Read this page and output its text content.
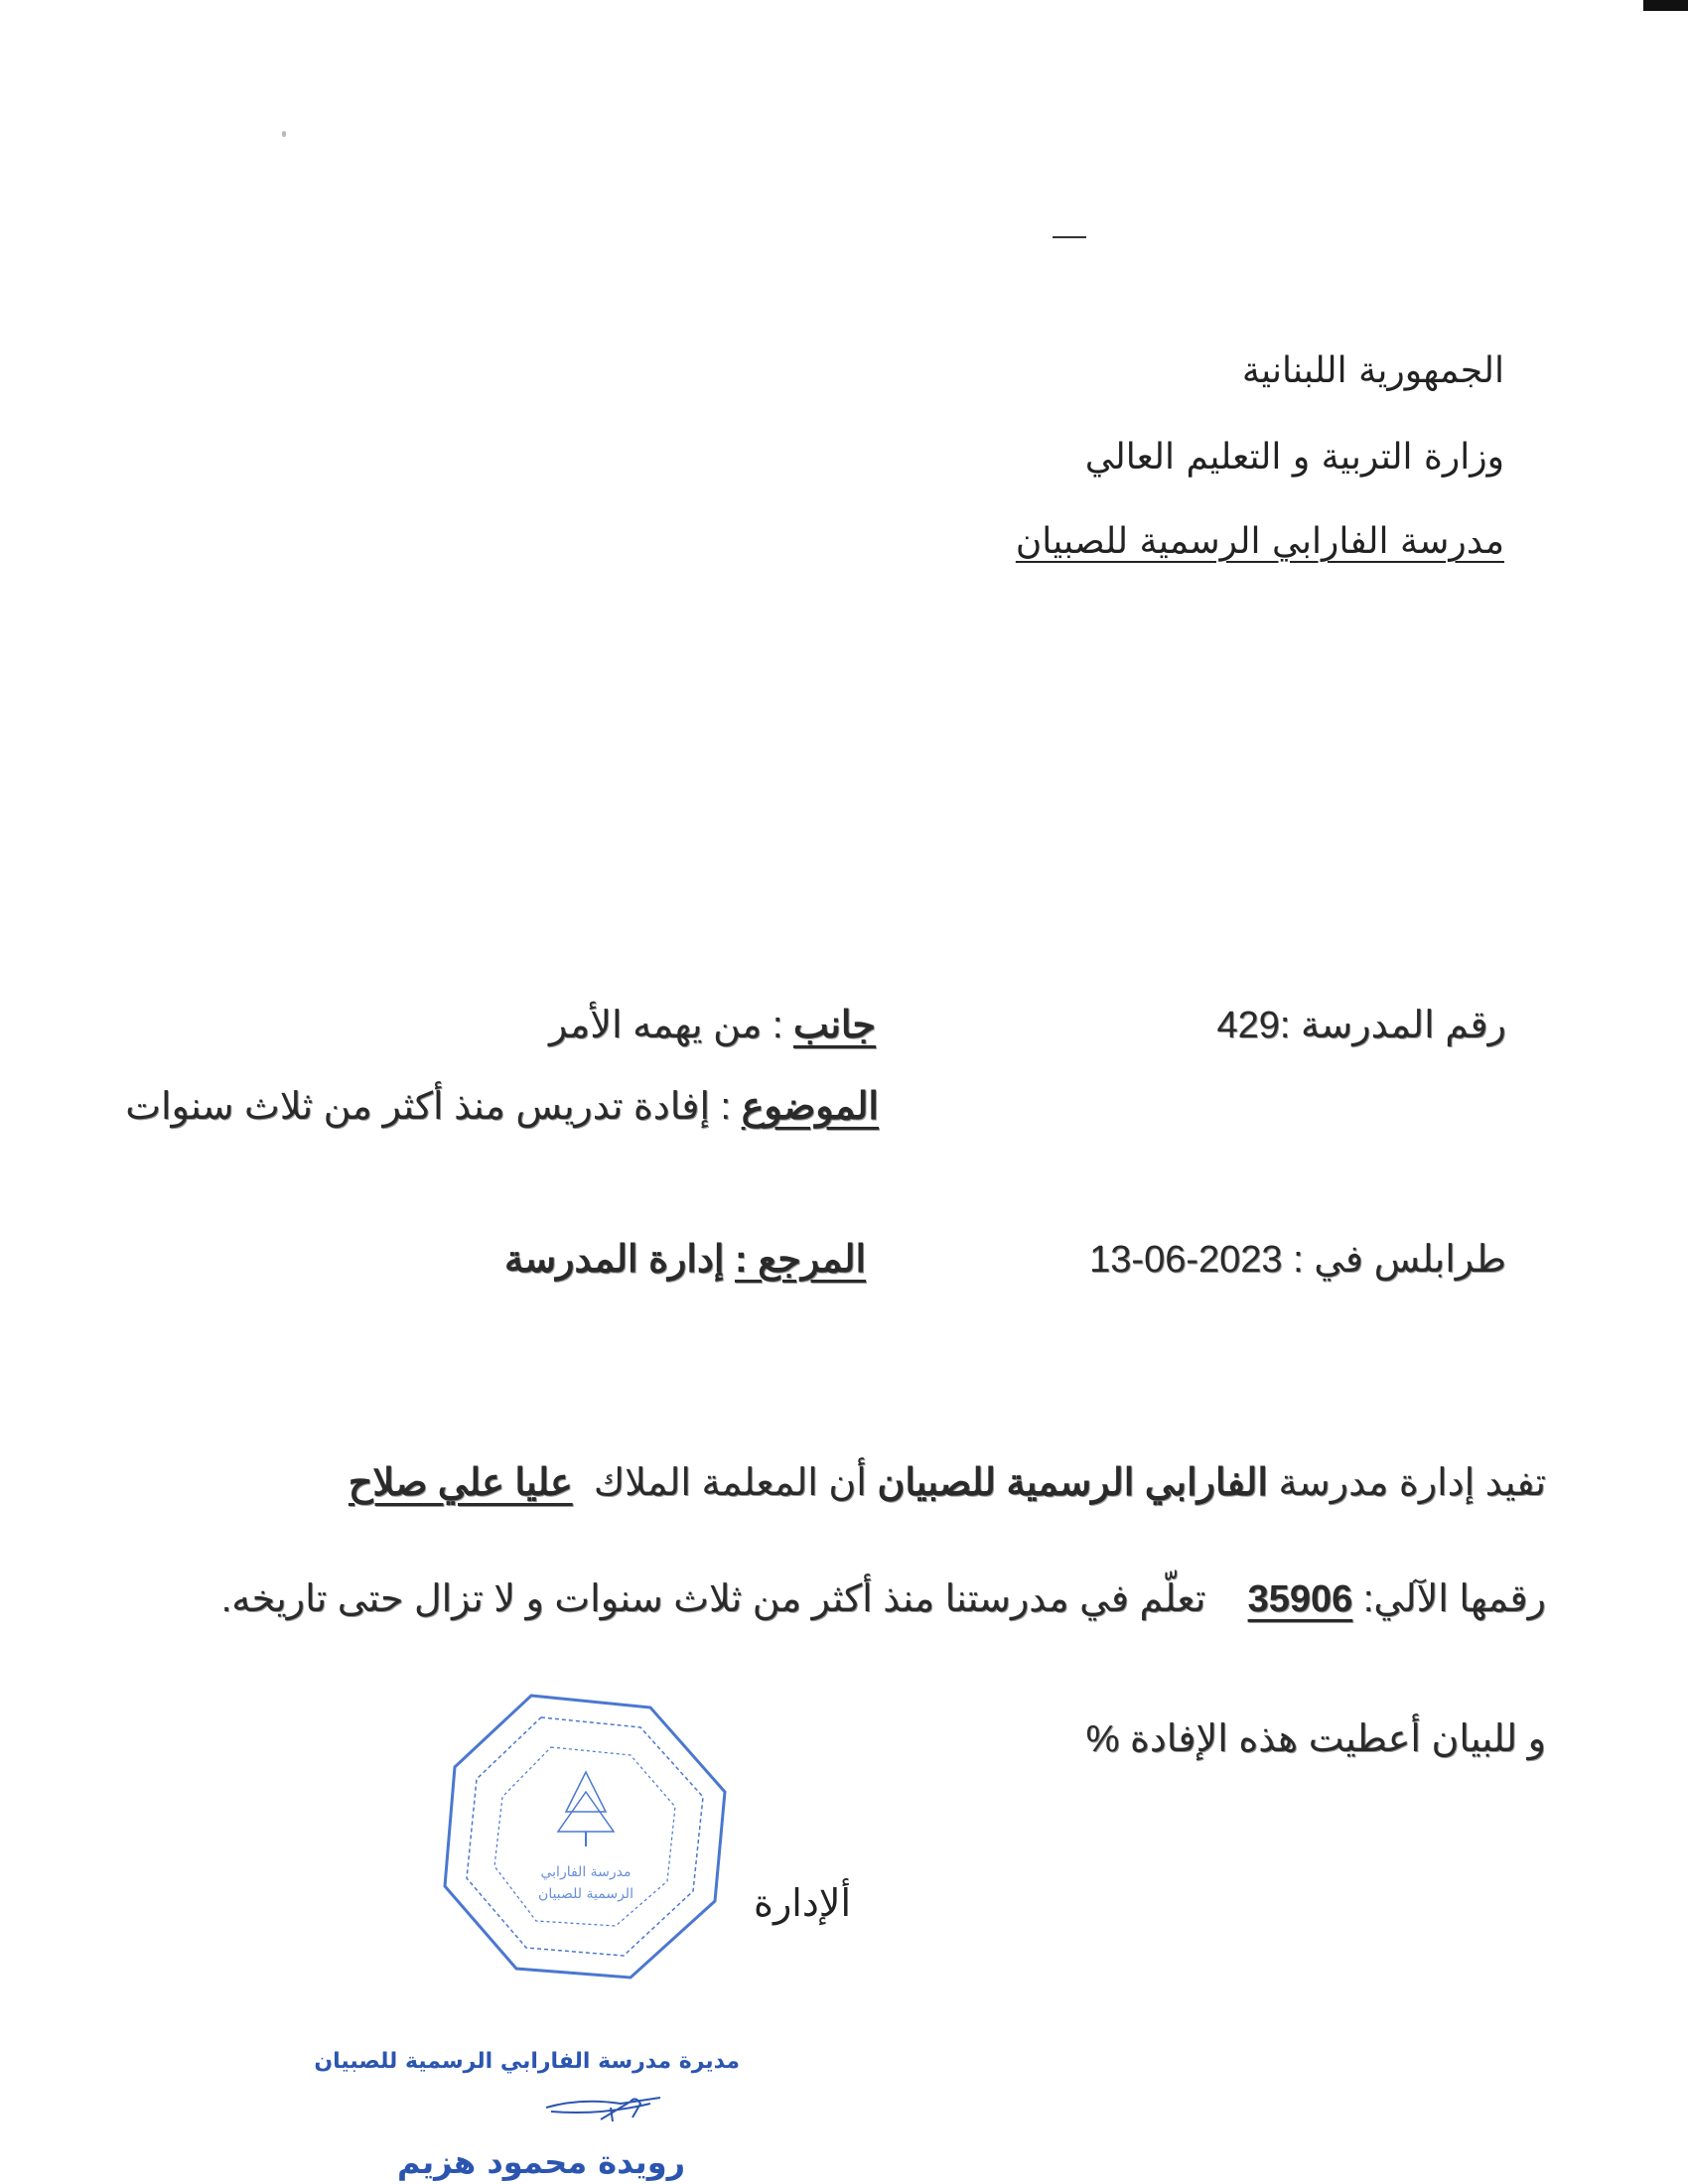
الجمهورية اللبنانية
وزارة التربية و التعليم العالي
مدرسة الفارابي الرسمية للصبيان
رقم المدرسة :429
جانب : من يهمه الأمر
الموضوع : إفادة تدريس منذ أكثر من ثلاث سنوات
طرابلس في : 2023-06-13
المرجع : إدارة المدرسة
تفيد إدارة مدرسة الفارابي الرسمية للصبيان أن المعلمة الملاك  عليا علي صلاح
رقمها الآلي: 35906    تعلّم في مدرستنا منذ أكثر من ثلاث سنوات و لا تزال حتى تاريخه.
و للبيان أعطيت هذه الإفادة %
ألإدارة
مدرسة الفارابي
الرسمية للصبيان
مديرة مدرسة الفارابي الرسمية للصبيان
رويدة محمود هزيم
